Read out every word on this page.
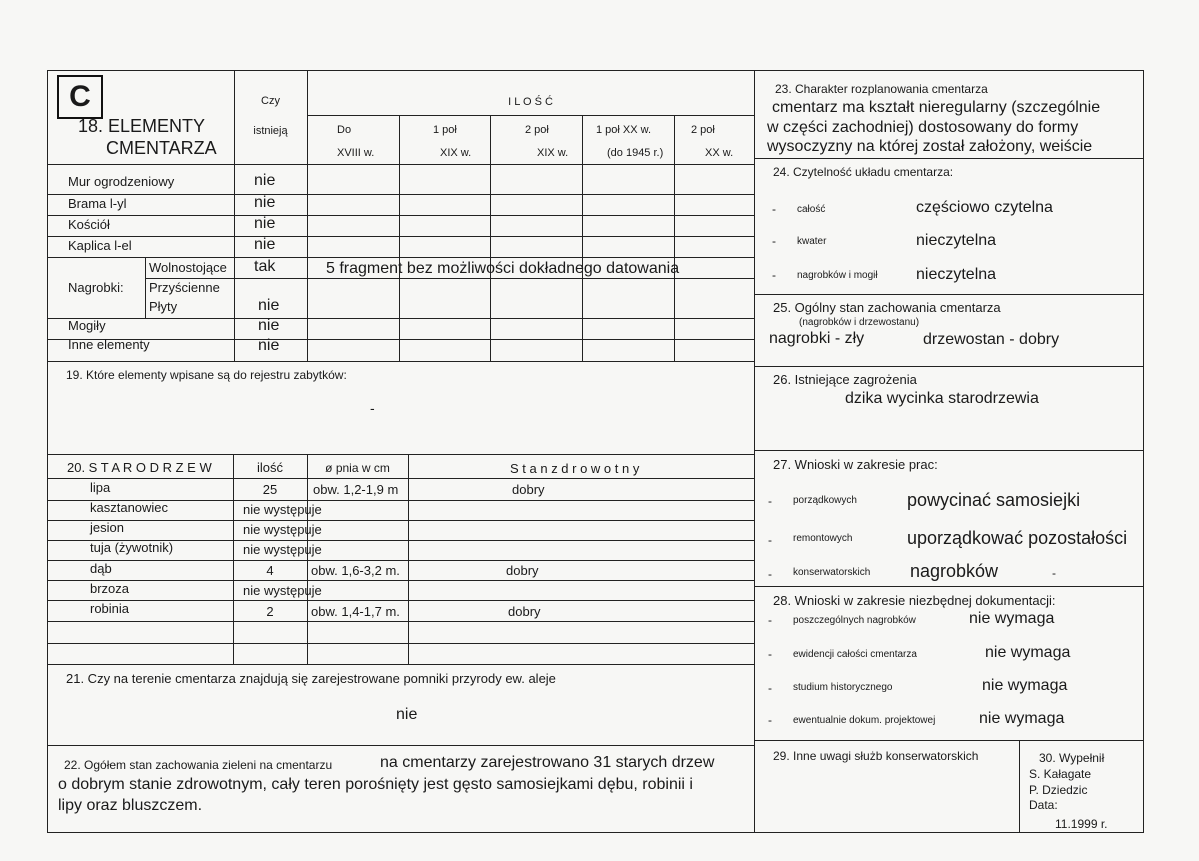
C
18. ELEMENTY
CMENTARZA
Czy
istnieją
I L O Ś Ć
Do
XVIII w.
1 poł
XIX w.
2 poł
XIX w.
1 poł XX w.
(do 1945 r.)
2 poł
XX w.
Mur ogrodzeniowy	nie
Brama l-yl	nie
Kościół	nie
Kaplica l-el	nie
Nagrobki:
Wolnostojące tak	5 fragment bez możliwości dokładnego datowania
Przyścienne
Płyty	nie
Mogiły	nie
Inne elementy	nie
19. Które elementy wpisane są do rejestru zabytków:
-
20. S T A R O D R Z E W	ilość	ø pnia w cm	S t a n z d r o w o t n y
lipa	25	obw. 1,2-1,9 m	dobry
kasztanowiec	nie występuje
jesion	nie występuje
tuja (żywotnik)	nie występuje
dąb	4	obw. 1,6-3,2 m.	dobry
brzoza	nie występuje
robinia	2	obw. 1,4-1,7 m.	dobry
21. Czy na terenie cmentarza znajdują się zarejestrowane pomniki przyrody ew. aleje
nie
22. Ogółem stan zachowania zieleni na cmentarzu	na cmentarzy zarejestrowano 31 starych drzew
o dobrym stanie zdrowotnym, cały teren porośnięty jest gęsto samosiejkami dębu, robinii i
lipy oraz bluszczem.
23. Charakter rozplanowania cmentarza
cmentarz ma kształt nieregularny (szczególnie
w części zachodniej) dostosowany do formy
wysoczyzny na której został założony, weiście
24. Czytelność układu cmentarza:
- całość	częściowo czytelna
- kwater	nieczytelna
- nagrobków i mogił nieczytelna
25. Ogólny stan zachowania cmentarza
(nagrobków i drzewostanu)
nagrobki - zły	drzewostan - dobry
26. Istniejące zagrożenia
dzika wycinka starodrzewia
27. Wnioski w zakresie prac:
- porządkowych	powycinać samosiejki
- remontowych	uporządkować pozostałości
- konserwatorskich nagrobków	-
28. Wnioski w zakresie niezbędnej dokumentacji:
- poszczególnych nagrobków	nie wymaga
- ewidencji całości cmentarza	nie wymaga
- studium historycznego	nie wymaga
- ewentualnie dokum. projektowej	nie wymaga
29. Inne uwagi służb konserwatorskich	30. Wypełnił
S. Kałagate
P. Dziedzic
Data:
11.1999 r.
